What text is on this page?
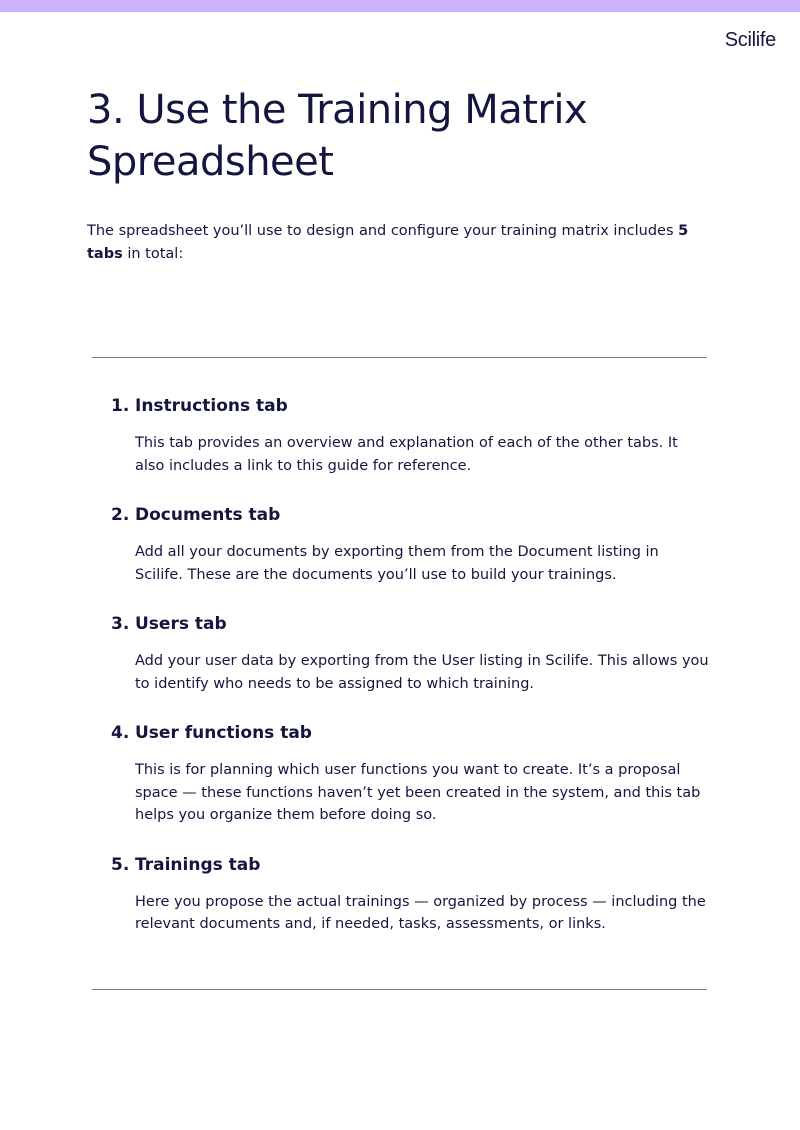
Scilife
3. Use the Training Matrix Spreadsheet

The spreadsheet you’ll use to design and configure your training matrix includes 5 tabs in total:

1. Instructions tab
This tab provides an overview and explanation of each of the other tabs. It also includes a link to this guide for reference.
2. Documents tab
Add all your documents by exporting them from the Document listing in Scilife. These are the documents you’ll use to build your trainings.
3. Users tab
Add your user data by exporting from the User listing in Scilife. This allows you to identify who needs to be assigned to which training.
4. User functions tab
This is for planning which user functions you want to create. It’s a proposal space — these functions haven’t yet been created in the system, and this tab helps you organize them before doing so.
5. Trainings tab
Here you propose the actual trainings — organized by process — including the relevant documents and, if needed, tasks, assessments, or links.
